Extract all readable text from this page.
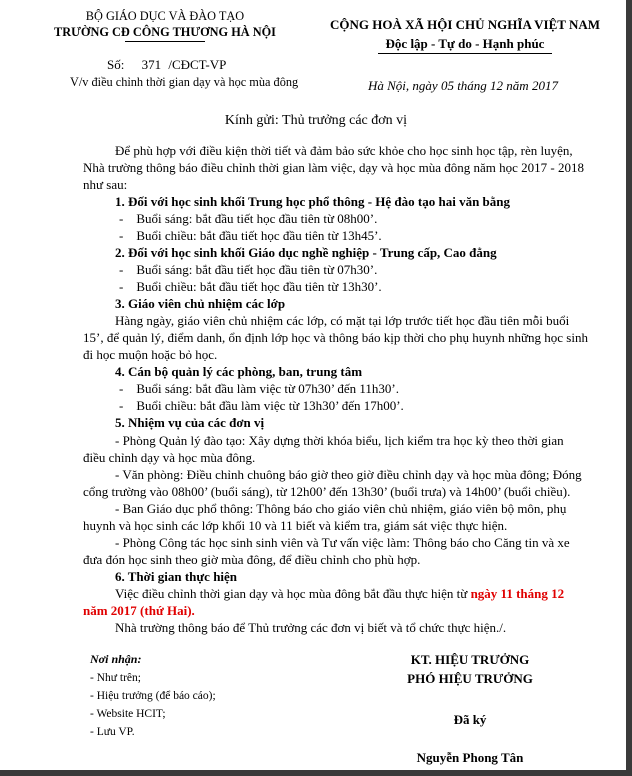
BỘ GIÁO DỤC VÀ ĐÀO TẠO
TRƯỜNG CĐ CÔNG THƯƠNG HÀ NỘI
Số: 371 /CĐCT-VP
V/v điều chỉnh thời gian dạy và học mùa đông
CỘNG HOÀ XÃ HỘI CHỦ NGHĨA VIỆT NAM
Độc lập - Tự do - Hạnh phúc
Hà Nội, ngày 05 tháng 12 năm 2017
Kính gửi: Thủ trưởng các đơn vị
Để phù hợp với điều kiện thời tiết và đảm bảo sức khỏe cho học sinh học tập, rèn luyện,
Nhà trường thông báo điều chỉnh thời gian làm việc, dạy và học mùa đông năm học 2017 - 2018
như sau:
1. Đối với học sinh khối Trung học phổ thông - Hệ đào tạo hai văn bằng
-    Buổi sáng: bắt đầu tiết học đầu tiên từ 08h00’.
-    Buổi chiều: bắt đầu tiết học đầu tiên từ 13h45’.
2. Đối với học sinh khối Giáo dục nghề nghiệp - Trung cấp, Cao đẳng
-    Buổi sáng: bắt đầu tiết học đầu tiên từ 07h30’.
-    Buổi chiều: bắt đầu tiết học đầu tiên từ 13h30’.
3. Giáo viên chủ nhiệm các lớp
Hàng ngày, giáo viên chủ nhiệm các lớp, có mặt tại lớp trước tiết học đầu tiên mỗi buổi
15’, để quản lý, điểm danh, ổn định lớp học và thông báo kịp thời cho phụ huynh những học sinh
đi học muộn hoặc bỏ học.
4. Cán bộ quản lý các phòng, ban, trung tâm
-    Buổi sáng: bắt đầu làm việc từ 07h30’ đến 11h30’.
-    Buổi chiều: bắt đầu làm việc từ 13h30’ đến 17h00’.
5. Nhiệm vụ của các đơn vị
- Phòng Quản lý đào tạo: Xây dựng thời khóa biểu, lịch kiểm tra học kỳ theo thời gian
điều chỉnh dạy và học mùa đông.
- Văn phòng: Điều chỉnh chuông báo giờ theo giờ điều chỉnh dạy và học mùa đông; Đóng
cổng trường vào 08h00’ (buổi sáng), từ 12h00’ đến 13h30’ (buổi trưa) và 14h00’ (buổi chiều).
- Ban Giáo dục phổ thông: Thông báo cho giáo viên chủ nhiệm, giáo viên bộ môn, phụ
huynh và học sinh các lớp khối 10 và 11 biết và kiểm tra, giám sát việc thực hiện.
- Phòng Công tác học sinh sinh viên và Tư vấn việc làm: Thông báo cho Căng tin và xe
đưa đón học sinh theo giờ mùa đông, để điều chỉnh cho phù hợp.
6. Thời gian thực hiện
Việc điều chỉnh thời gian dạy và học mùa đông bắt đầu thực hiện từ ngày 11 tháng 12
năm 2017 (thứ Hai).
Nhà trường thông báo để Thủ trưởng các đơn vị biết và tổ chức thực hiện./.
Nơi nhận:
- Như trên;
- Hiệu trưởng (để báo cáo);
- Website HCIT;
- Lưu VP.
KT. HIỆU TRƯỞNG
PHÓ HIỆU TRƯỞNG
Đã ký
Nguyễn Phong Tân
